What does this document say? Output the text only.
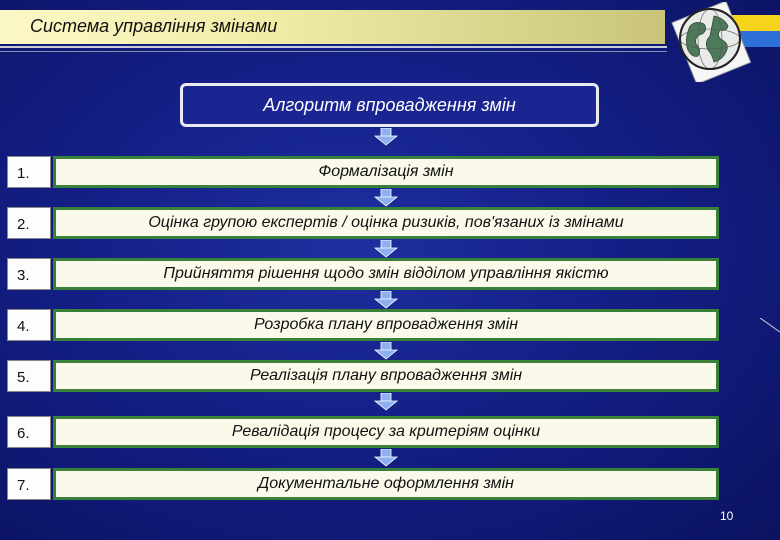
Система управління змінами
Алгоритм впровадження змін
1.	Формалізація змін
2.	Оцінка групою експертів / оцінка ризиків, пов'язаних із змінами
3.	Прийняття рішення щодо змін відділом управління якістю
4.	Розробка плану впровадження змін
5.	Реалізація плану впровадження змін
6.	Ревалідація процесу за критеріям оцінки
7.	Документальне оформлення змін
10
